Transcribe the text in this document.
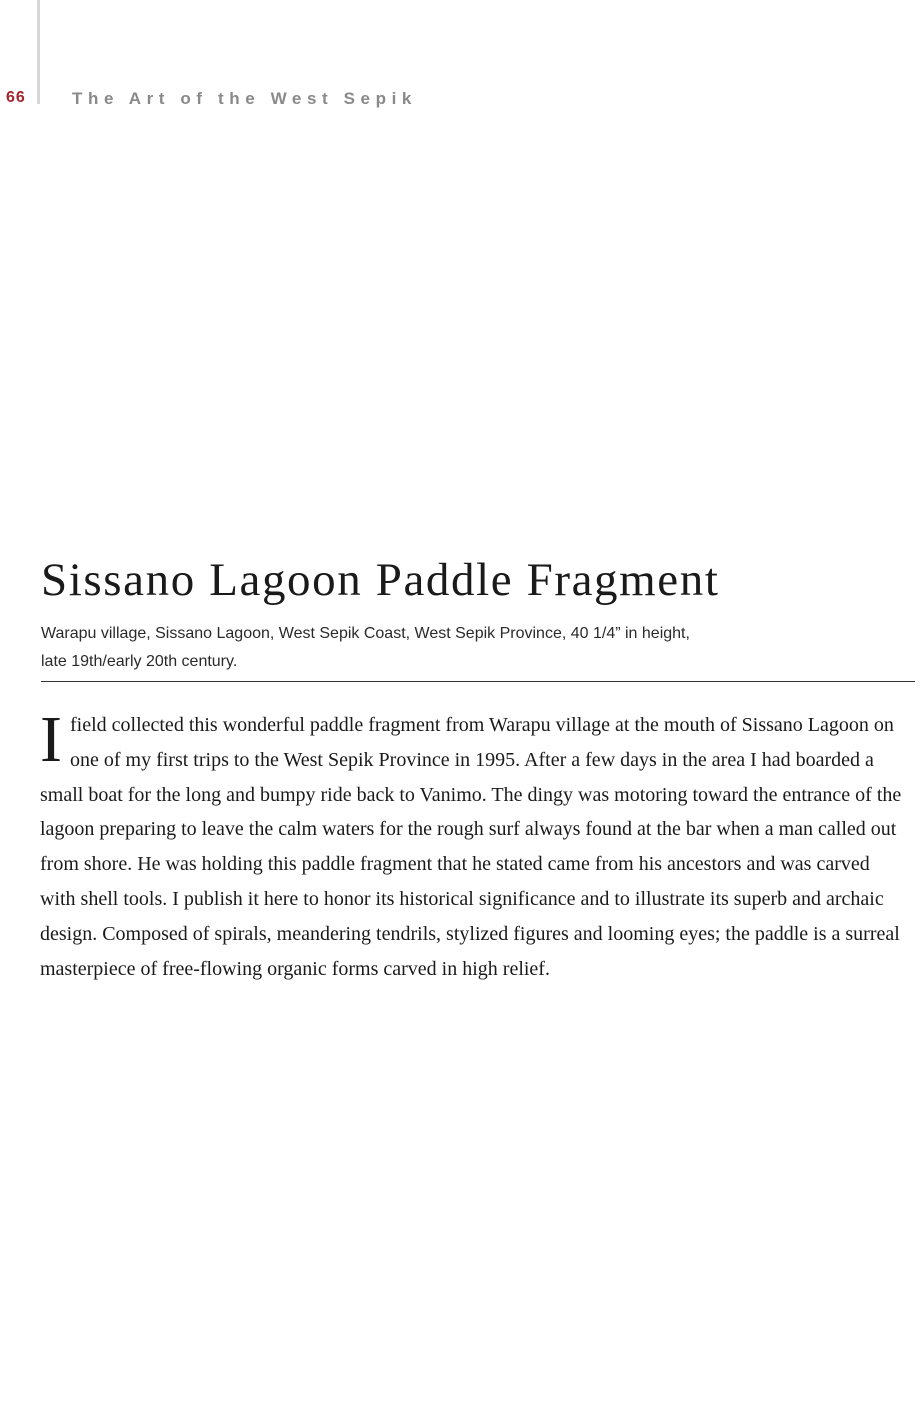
66	The Art of the West Sepik
Sissano Lagoon Paddle Fragment
Warapu village, Sissano Lagoon, West Sepik Coast, West Sepik Province, 40 1/4” in height,
late 19th/early 20th century.

Ifield collected this wonderful paddle fragment from Warapu village at the mouth of Sissano Lagoon on one of my first trips to the West Sepik Province in 1995. After a few days in the area I had boarded a small boat for the long and bumpy ride back to Vanimo. The dingy was motoring toward the entrance of the lagoon preparing to leave the calm waters for the rough surf always found at the bar when a man called out from shore. He was holding this paddle fragment that he stated came from his ancestors and was carved with shell tools. I publish it here to honor its historical significance and to illustrate its superb and archaic design. Composed of spirals, meandering tendrils, stylized figures and looming eyes; the paddle is a surreal masterpiece of free-flowing organic forms carved in high relief.
